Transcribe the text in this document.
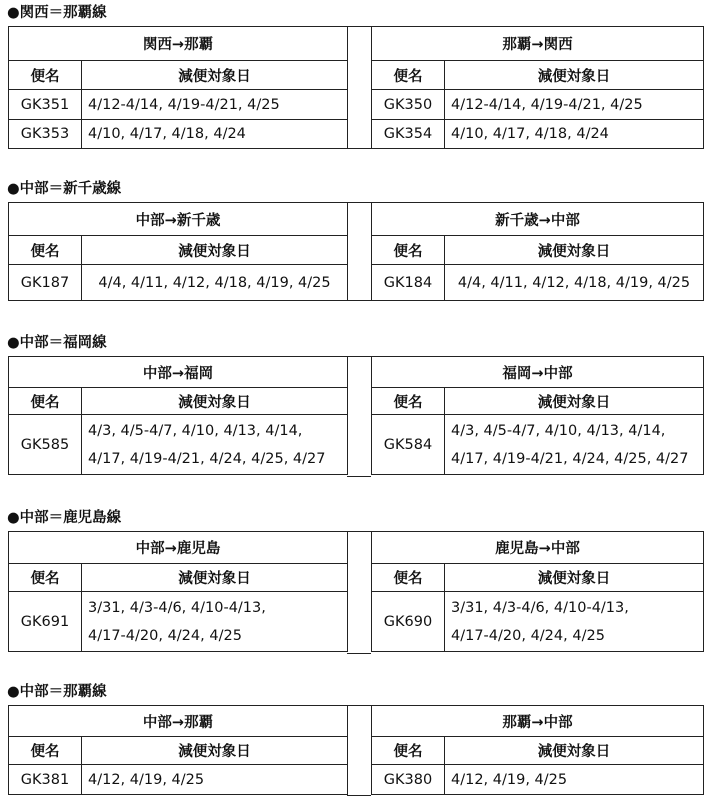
●関西＝那覇線
関西→那覇	
便名	減便対象日
GK351	4/12-4/14, 4/19-4/21, 4/25
GK353	4/10, 4/17, 4/18, 4/24
那覇→関西	
便名	減便対象日
GK350	4/12-4/14, 4/19-4/21, 4/25
GK354	4/10, 4/17, 4/18, 4/24
●中部＝新千歳線
中部→新千歳	
便名	減便対象日
GK187	4/4, 4/11, 4/12, 4/18, 4/19, 4/25
新千歳→中部	
便名	減便対象日
GK184	4/4, 4/11, 4/12, 4/18, 4/19, 4/25
●中部＝福岡線
中部→福岡	
便名	減便対象日
GK585	4/3, 4/5-4/7, 4/10, 4/13, 4/14,
4/17, 4/19-4/21, 4/24, 4/25, 4/27
福岡→中部	
便名	減便対象日
GK584	4/3, 4/5-4/7, 4/10, 4/13, 4/14,
4/17, 4/19-4/21, 4/24, 4/25, 4/27
●中部＝鹿児島線
中部→鹿児島	
便名	減便対象日
GK691	3/31, 4/3-4/6, 4/10-4/13,
4/17-4/20, 4/24, 4/25
鹿児島→中部	
便名	減便対象日
GK690	3/31, 4/3-4/6, 4/10-4/13,
4/17-4/20, 4/24, 4/25
●中部＝那覇線
中部→那覇	
便名	減便対象日
GK381	4/12, 4/19, 4/25
那覇→中部	
便名	減便対象日
GK380	4/12, 4/19, 4/25
